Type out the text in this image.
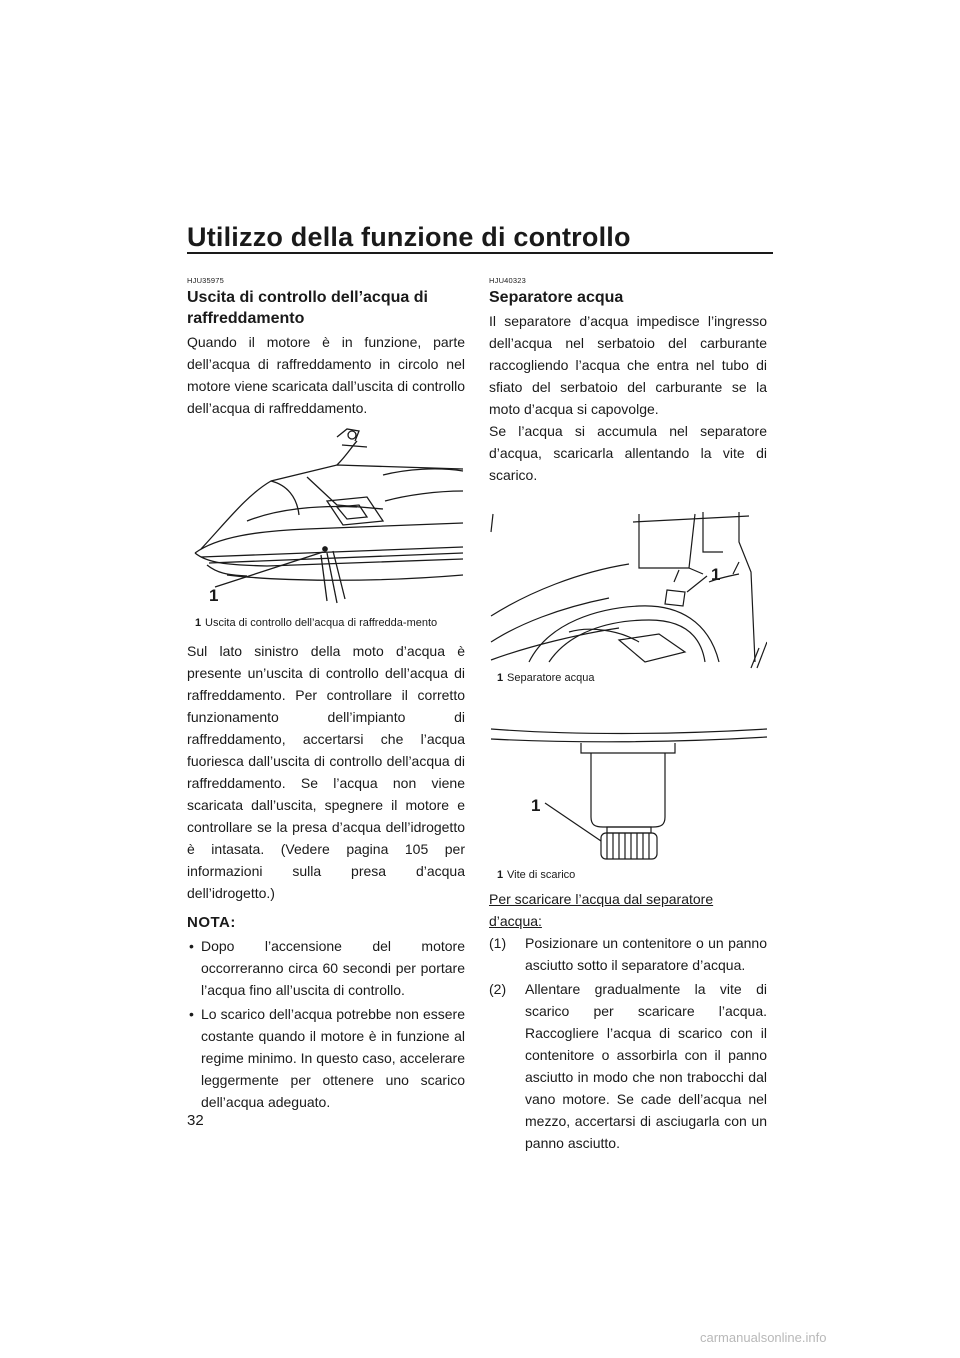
Utilizzo della funzione di controllo
HJU35975
Uscita di controllo dell’acqua di raffreddamento

Quando il motore è in funzione, parte dell’acqua di raffreddamento in circolo nel motore viene scaricata dall’uscita di controllo dell’acqua di raffreddamento.

1
1 Uscita di controllo dell’acqua di raffredda-mento

Sul lato sinistro della moto d’acqua è presente un’uscita di controllo dell’acqua di raffreddamento. Per controllare il corretto funzionamento dell’impianto di raffreddamento, accertarsi che l’acqua fuoriesca dall’uscita di controllo dell’acqua di raffreddamento. Se l’acqua non viene scaricata dall’uscita, spegnere il motore e controllare se la presa d’acqua dell’idrogetto è intasata. (Vedere pagina 105 per informazioni sulla presa d’acqua dell’idrogetto.)

NOTA:
• Dopo l’accensione del motore occorreranno circa 60 secondi per portare l’acqua fino all’uscita di controllo.
• Lo scarico dell’acqua potrebbe non essere costante quando il motore è in funzione al regime minimo. In questo caso, accelerare leggermente per ottenere uno scarico dell’acqua adeguato.
HJU40323
Separatore acqua

Il separatore d’acqua impedisce l’ingresso dell’acqua nel serbatoio del carburante raccogliendo l’acqua che entra nel tubo di sfiato del serbatoio del carburante se la moto d’acqua si capovolge.

Se l’acqua si accumula nel separatore d’acqua, scaricarla allentando la vite di scarico.

1
1 Separatore acqua
1
1 Vite di scarico
Per scaricare l’acqua dal separatore d’acqua:
(1) Posizionare un contenitore o un panno asciutto sotto il separatore d’acqua.
(2) Allentare gradualmente la vite di scarico per scaricare l’acqua. Raccogliere l’acqua di scarico con il contenitore o assorbirla con il panno asciutto in modo che non trabocchi dal vano motore. Se cade dell’acqua nel mezzo, accertarsi di asciugarla con un panno asciutto.
32
carmanualsonline.info
